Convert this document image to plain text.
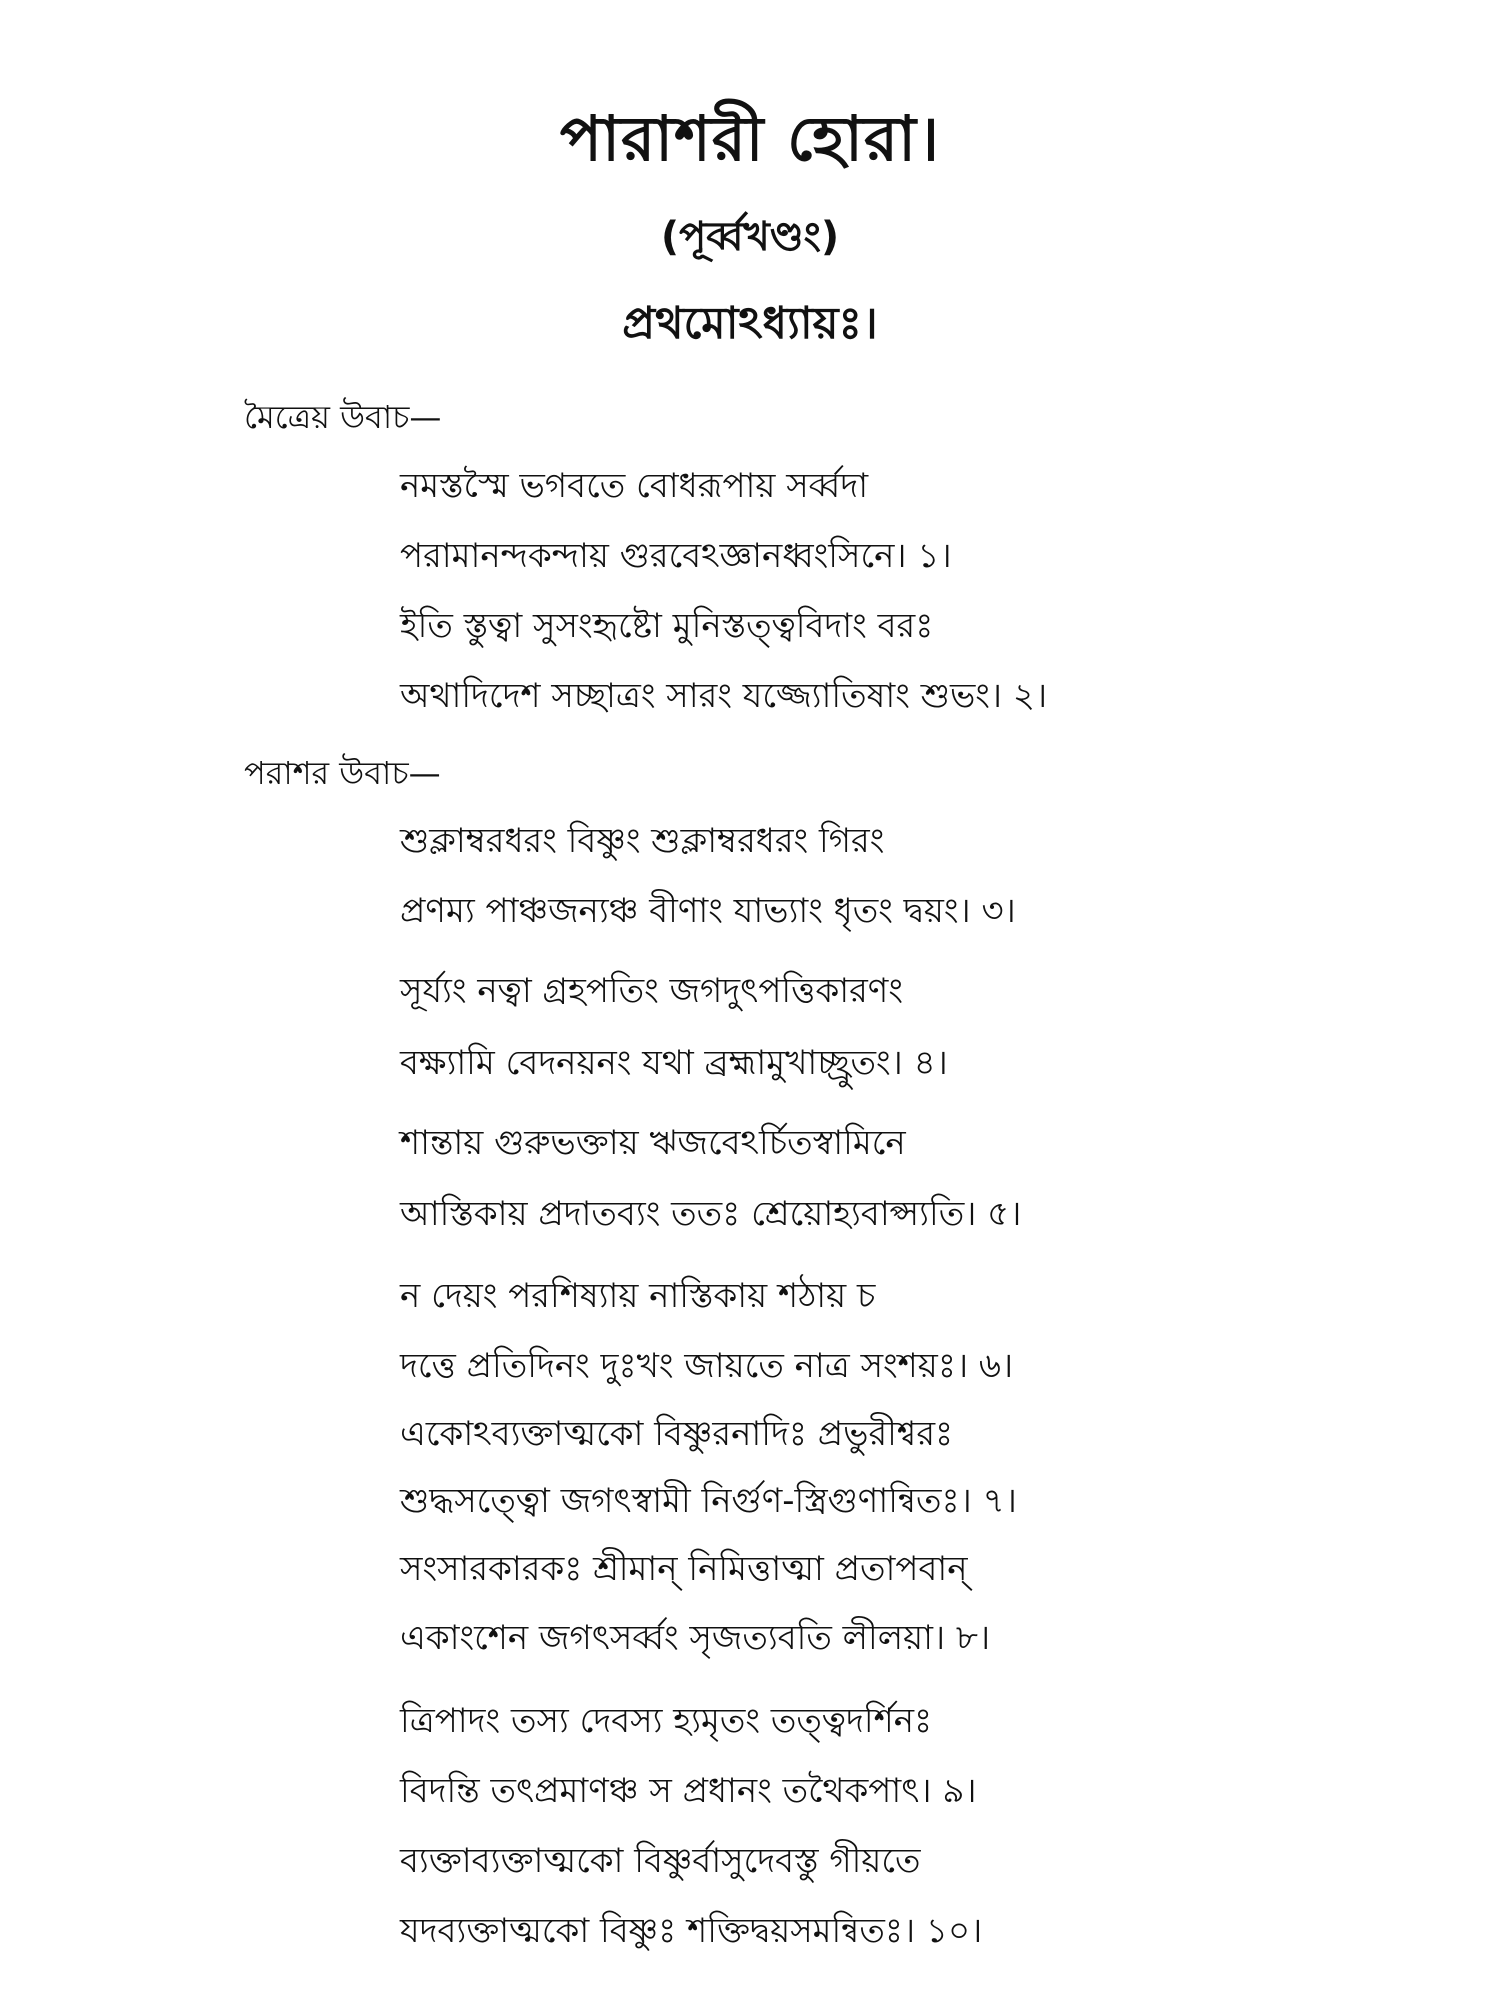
পারাশরী হোরা।
(পূর্ব্বখণ্ডং)
প্রথমোঽধ্যায়ঃ।
মৈত্রেয় উবাচ—
নমস্তস্মৈ ভগবতে বোধরূপায় সর্ব্বদা
পরামানন্দকন্দায় গুরবেঽজ্ঞানধ্বংসিনে। ১।
ইতি স্তুত্বা সুসংহৃষ্টো মুনিস্তত্ত্ববিদাং বরঃ
অথাদিদেশ সচ্ছাত্রং সারং যজ্জ্যোতিষাং শুভং। ২।
পরাশর উবাচ—
শুক্লাম্বরধরং বিষ্ণুং শুক্লাম্বরধরং গিরং
প্রণম্য পাঞ্চজন্যঞ্চ বীণাং যাভ্যাং ধৃতং দ্বয়ং। ৩।
সূর্য্যং নত্বা গ্রহপতিং জগদুৎপত্তিকারণং
বক্ষ্যামি বেদনয়নং যথা ব্রহ্মামুখাচ্ছ্রুতং। ৪।
শান্তায় গুরুভক্তায় ঋজবেঽর্চিতস্বামিনে
আস্তিকায় প্রদাতব্যং ততঃ শ্রেয়োহ্যবাপ্স্যতি। ৫।
ন দেয়ং পরশিষ্যায় নাস্তিকায় শঠায় চ
দত্তে প্রতিদিনং দুঃখং জায়তে নাত্র সংশয়ঃ। ৬।
একোঽব্যক্তাত্মকো বিষ্ণুরনাদিঃ প্রভুরীশ্বরঃ
শুদ্ধসত্ত্বো জগৎস্বামী নির্গুণ-স্ত্রিগুণান্বিতঃ। ৭।
সংসারকারকঃ শ্রীমান্ নিমিত্তাত্মা প্রতাপবান্
একাংশেন জগৎসর্ব্বং সৃজত্যবতি লীলয়া। ৮।
ত্রিপাদং তস্য দেবস্য হ্যমৃতং তত্ত্বদর্শিনঃ
বিদন্তি তৎপ্রমাণঞ্চ স প্রধানং তথৈকপাৎ। ৯।
ব্যক্তাব্যক্তাত্মকো বিষ্ণুর্বাসুদেবস্তু গীয়তে
যদব্যক্তাত্মকো বিষ্ণুঃ শক্তিদ্বয়সমন্বিতঃ। ১০।
